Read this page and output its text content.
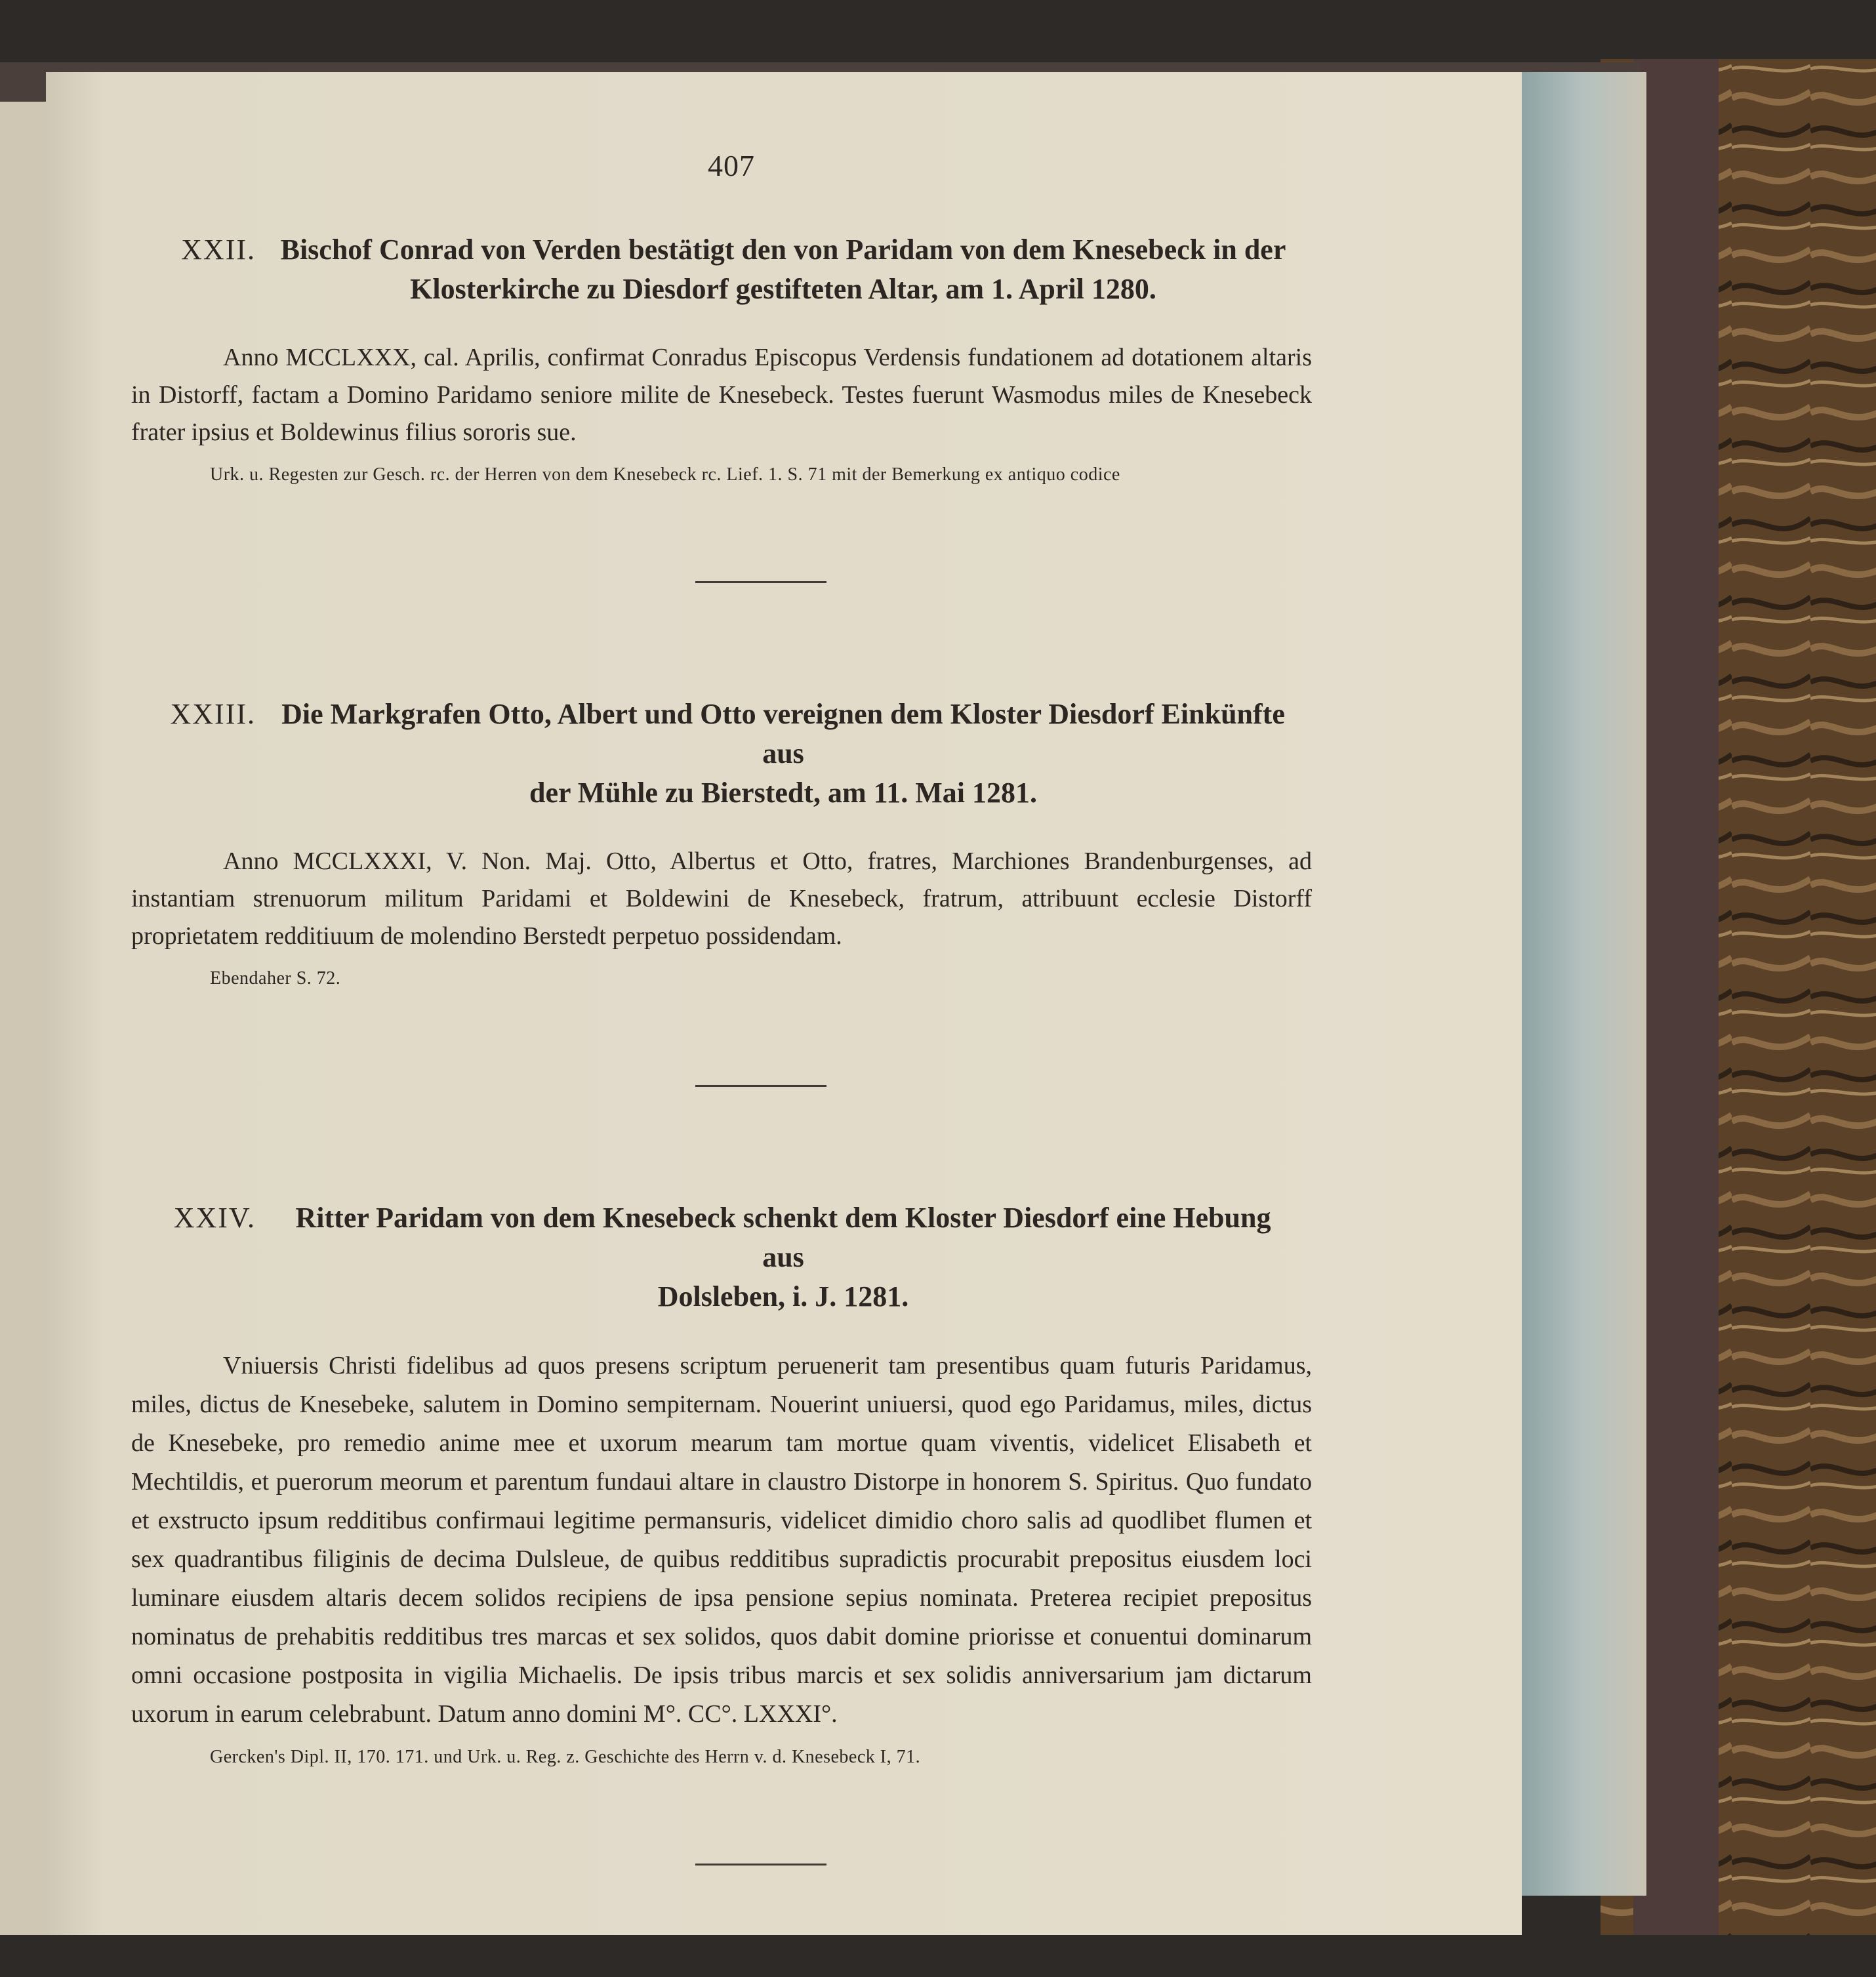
407
XXII. Bischof Conrad von Verden bestätigt den von Paridam von dem Knesebeck in der
Klosterkirche zu Diesdorf gestifteten Altar, am 1. April 1280.

Anno MCCLXXX, cal. Aprilis, confirmat Conradus Episcopus Verdensis fundationem ad dotationem altaris in Distorff, factam a Domino Paridamo seniore milite de Knesebeck. Testes fuerunt Wasmodus miles de Knesebeck frater ipsius et Boldewinus filius sororis sue.

Urk. u. Regesten zur Gesch. rc. der Herren von dem Knesebeck rc. Lief. 1. S. 71 mit der Bemerkung ex antiquo codice
XXIII. Die Markgrafen Otto, Albert und Otto vereignen dem Kloster Diesdorf Einkünfte aus
der Mühle zu Bierstedt, am 11. Mai 1281.

Anno MCCLXXXI, V. Non. Maj. Otto, Albertus et Otto, fratres, Marchiones Brandenburgenses, ad instantiam strenuorum militum Paridami et Boldewini de Knesebeck, fratrum, attribuunt ecclesie Distorff proprietatem redditiuum de molendino Berstedt perpetuo possidendam.

Ebendaher S. 72.
XXIV.	Ritter Paridam von dem Knesebeck schenkt dem Kloster Diesdorf eine Hebung aus
Dolsleben, i. J. 1281.

Vniuersis Christi fidelibus ad quos presens scriptum peruenerit tam presentibus quam futuris Paridamus, miles, dictus de Knesebeke, salutem in Domino sempiternam. Nouerint uniuersi, quod ego Paridamus, miles, dictus de Knesebeke, pro remedio anime mee et uxorum mearum tam mortue quam viventis, videlicet Elisabeth et Mechtildis, et puerorum meorum et parentum fundaui altare in claustro Distorpe in honorem S. Spiritus. Quo fundato et exstructo ipsum redditibus confirmaui legitime permansuris, videlicet dimidio choro salis ad quodlibet flumen et sex quadrantibus filiginis de decima Dulsleue, de quibus redditibus supradictis procurabit prepositus eiusdem loci luminare eiusdem altaris decem solidos recipiens de ipsa pensione sepius nominata. Preterea recipiet prepositus nominatus de prehabitis redditibus tres marcas et sex solidos, quos dabit domine priorisse et conuentui dominarum omni occasione postposita in vigilia Michaelis. De ipsis tribus marcis et sex solidis anniversarium jam dictarum uxorum in earum celebrabunt. Datum anno domini M°. CC°. LXXXI°.

Gercken's Dipl. II, 170. 171. und Urk. u. Reg. z. Geschichte des Herrn v. d. Knesebeck I, 71.
